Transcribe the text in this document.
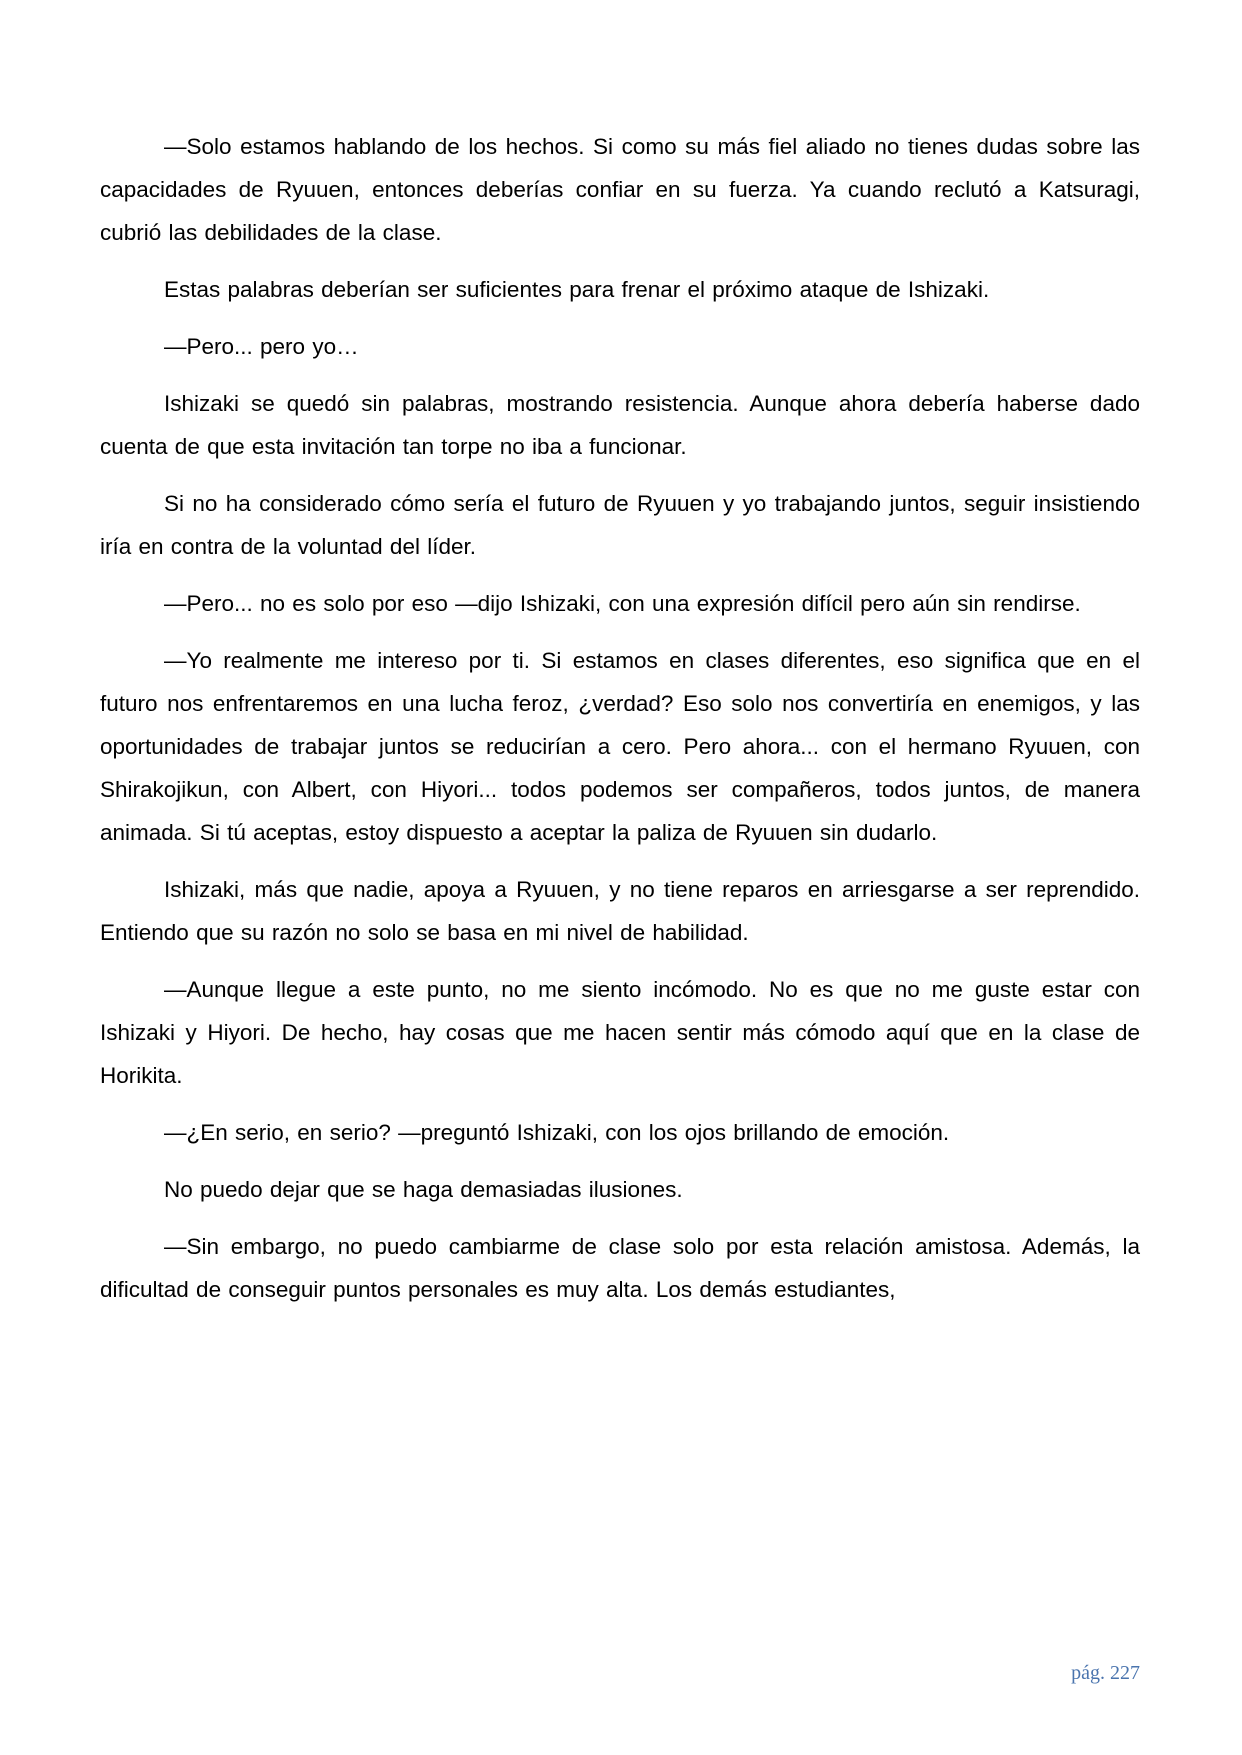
—Solo estamos hablando de los hechos. Si como su más fiel aliado no tienes dudas sobre las capacidades de Ryuuen, entonces deberías confiar en su fuerza. Ya cuando reclutó a Katsuragi, cubrió las debilidades de la clase.

Estas palabras deberían ser suficientes para frenar el próximo ataque de Ishizaki.

—Pero... pero yo…

Ishizaki se quedó sin palabras, mostrando resistencia. Aunque ahora debería haberse dado cuenta de que esta invitación tan torpe no iba a funcionar.

Si no ha considerado cómo sería el futuro de Ryuuen y yo trabajando juntos, seguir insistiendo iría en contra de la voluntad del líder.

—Pero... no es solo por eso —dijo Ishizaki, con una expresión difícil pero aún sin rendirse.

—Yo realmente me intereso por ti. Si estamos en clases diferentes, eso significa que en el futuro nos enfrentaremos en una lucha feroz, ¿verdad? Eso solo nos convertiría en enemigos, y las oportunidades de trabajar juntos se reducirían a cero. Pero ahora... con el hermano Ryuuen, con Shirakojikun, con Albert, con Hiyori... todos podemos ser compañeros, todos juntos, de manera animada. Si tú aceptas, estoy dispuesto a aceptar la paliza de Ryuuen sin dudarlo.

Ishizaki, más que nadie, apoya a Ryuuen, y no tiene reparos en arriesgarse a ser reprendido. Entiendo que su razón no solo se basa en mi nivel de habilidad.

—Aunque llegue a este punto, no me siento incómodo. No es que no me guste estar con Ishizaki y Hiyori. De hecho, hay cosas que me hacen sentir más cómodo aquí que en la clase de Horikita.

—¿En serio, en serio? —preguntó Ishizaki, con los ojos brillando de emoción.

No puedo dejar que se haga demasiadas ilusiones.

—Sin embargo, no puedo cambiarme de clase solo por esta relación amistosa. Además, la dificultad de conseguir puntos personales es muy alta. Los demás estudiantes,

pág. 227
